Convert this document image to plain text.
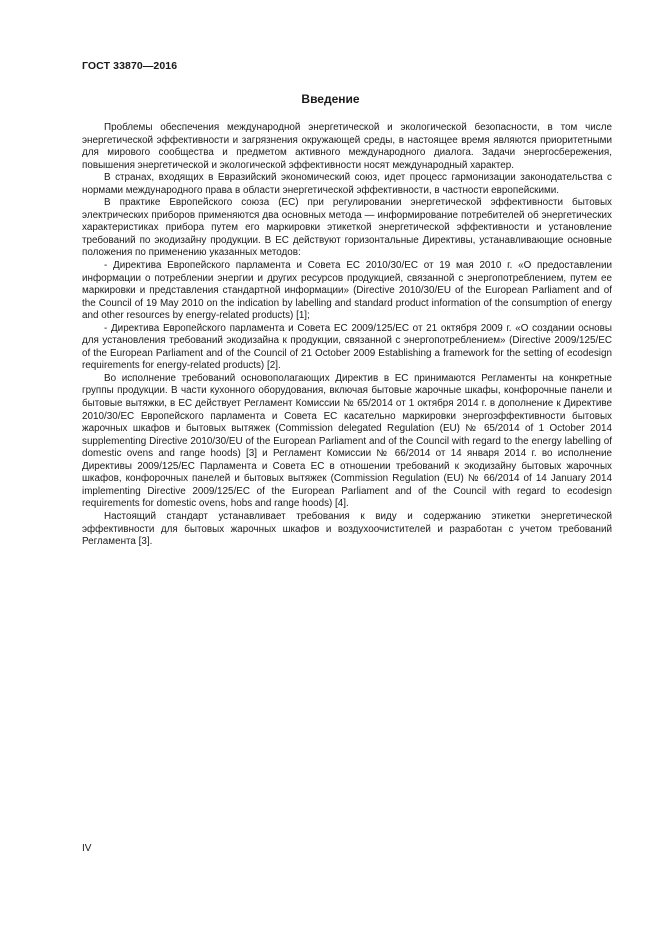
ГОСТ 33870—2016
Введение

Проблемы обеспечения международной энергетической и экологической безопасности, в том числе энергетической эффективности и загрязнения окружающей среды, в настоящее время являются приоритетными для мирового сообщества и предметом активного международного диалога. Задачи энергосбережения, повышения энергетической и экологической эффективности носят международный характер.

В странах, входящих в Евразийский экономический союз, идет процесс гармонизации законодательства с нормами международного права в области энергетической эффективности, в частности европейскими.

В практике Европейского союза (ЕС) при регулировании энергетической эффективности бытовых электрических приборов применяются два основных метода — информирование потребителей об энергетических характеристиках прибора путем его маркировки этикеткой энергетической эффективности и установление требований по экодизайну продукции. В ЕС действуют горизонтальные Директивы, устанавливающие основные положения по применению указанных методов:

- Директива Европейского парламента и Совета ЕС 2010/30/ЕС от 19 мая 2010 г. «О предоставлении информации о потреблении энергии и других ресурсов продукцией, связанной с энергопотреблением, путем ее маркировки и представления стандартной информации» (Directive 2010/30/EU of the European Parliament and of the Council of 19 May 2010 on the indication by labelling and standard product information of the consumption of energy and other resources by energy-related products) [1];

- Директива Европейского парламента и Совета ЕС 2009/125/ЕС от 21 октября 2009 г. «О создании основы для установления требований экодизайна к продукции, связанной с энергопотреблением» (Directive 2009/125/EC of the European Parliament and of the Council of 21 October 2009 Establishing a framework for the setting of ecodesign requirements for energy-related products) [2].

Во исполнение требований основополагающих Директив в ЕС принимаются Регламенты на конкретные группы продукции. В части кухонного оборудования, включая бытовые жарочные шкафы, конфорочные панели и бытовые вытяжки, в ЕС действует Регламент Комиссии № 65/2014 от 1 октября 2014 г. в дополнение к Директиве 2010/30/ЕС Европейского парламента и Совета ЕС касательно маркировки энергоэффективности бытовых жарочных шкафов и бытовых вытяжек (Commission delegated Regulation (EU) № 65/2014 of 1 October 2014 supplementing Directive 2010/30/EU of the European Parliament and of the Council with regard to the energy labelling of domestic ovens and range hoods) [3] и Регламент Комиссии № 66/2014 от 14 января 2014 г. во исполнение Директивы 2009/125/ЕС Парламента и Совета ЕС в отношении требований к экодизайну бытовых жарочных шкафов, конфорочных панелей и бытовых вытяжек (Commission Regulation (EU) № 66/2014 of 14 January 2014 implementing Directive 2009/125/EC of the European Parliament and of the Council with regard to ecodesign requirements for domestic ovens, hobs and range hoods) [4].

Настоящий стандарт устанавливает требования к виду и содержанию этикетки энергетической эффективности для бытовых жарочных шкафов и воздухоочистителей и разработан с учетом требований Регламента [3].

IV
